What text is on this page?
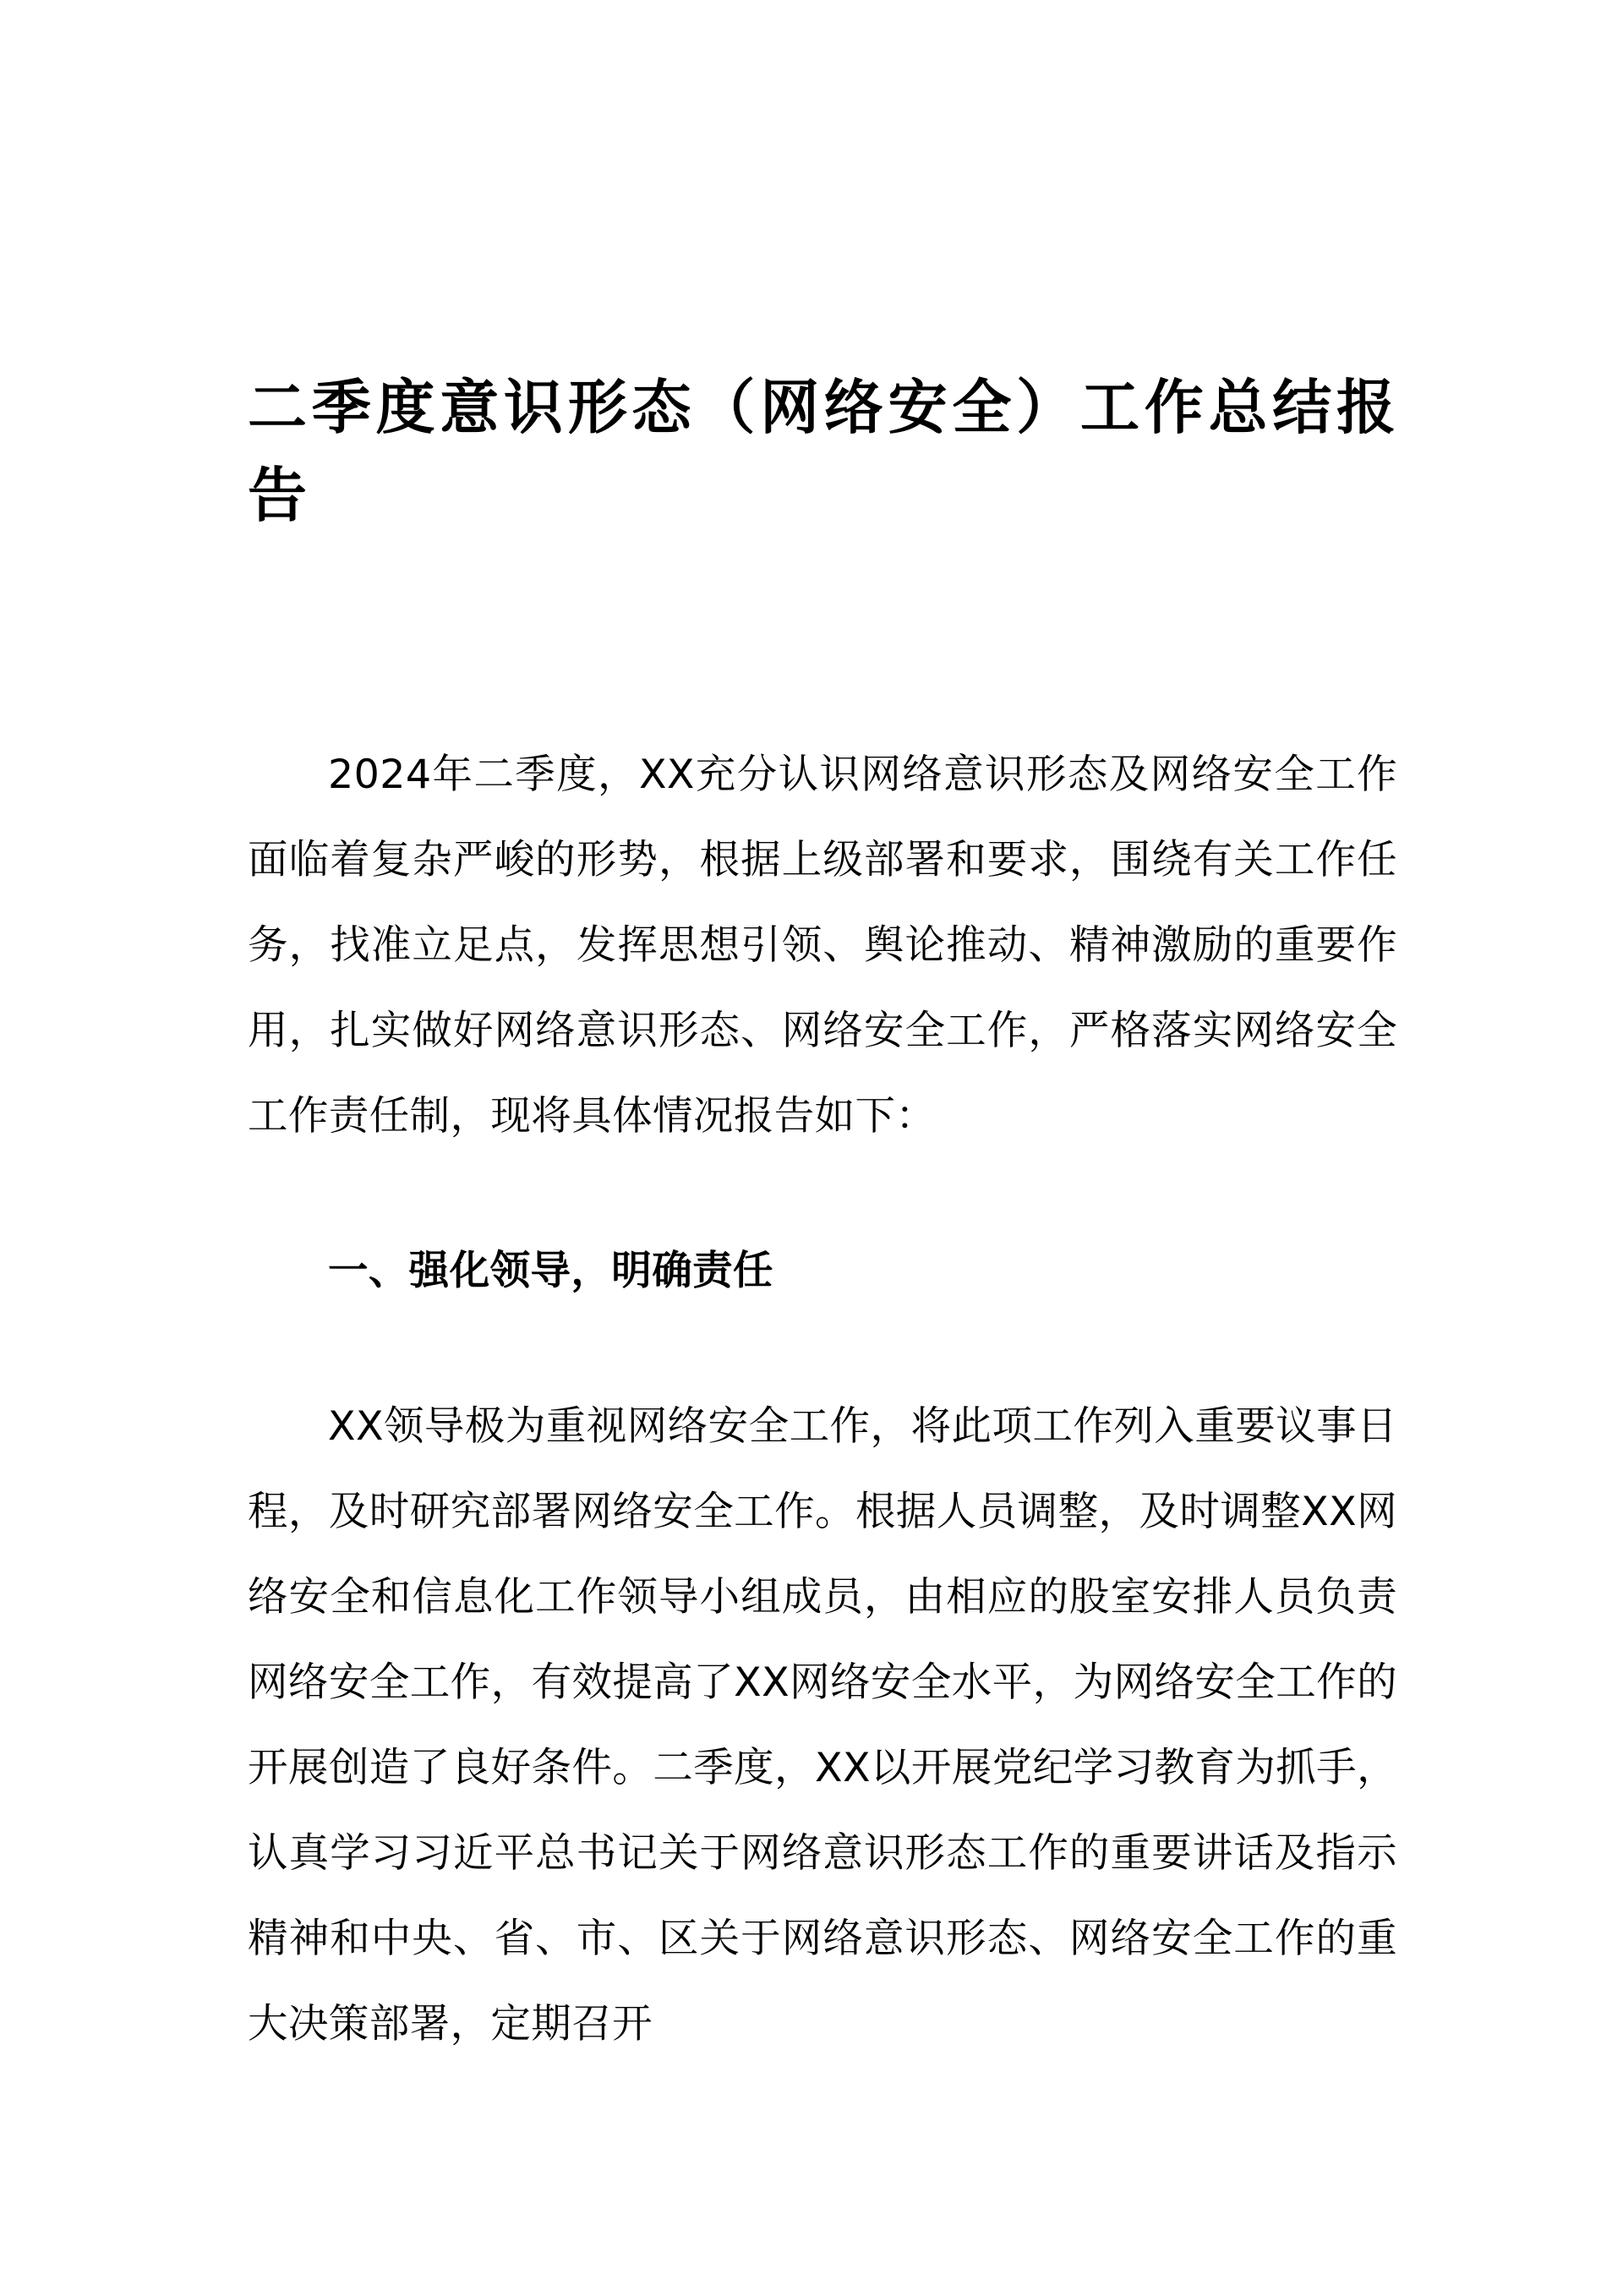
二季度意识形态（网络安全）工作总结报告

2024年二季度，XX充分认识网络意识形态及网络安全工作面临着复杂严峻的形势，根据上级部署和要求，围绕有关工作任务，找准立足点，发挥思想引领、舆论推动、精神激励的重要作用，扎实做好网络意识形态、网络安全工作，严格落实网络安全工作责任制，现将具体情况报告如下：

一、强化领导，明确责任

XX领导极为重视网络安全工作，将此项工作列入重要议事日程，及时研究部署网络安全工作。根据人员调整，及时调整XX网络安全和信息化工作领导小组成员，由相应的股室安排人员负责网络安全工作，有效提高了XX网络安全水平，为网络安全工作的开展创造了良好条件。二季度，XX以开展党纪学习教育为抓手，认真学习习近平总书记关于网络意识形态工作的重要讲话及指示精神和中央、省、市、区关于网络意识形态、网络安全工作的重大决策部署，定期召开
